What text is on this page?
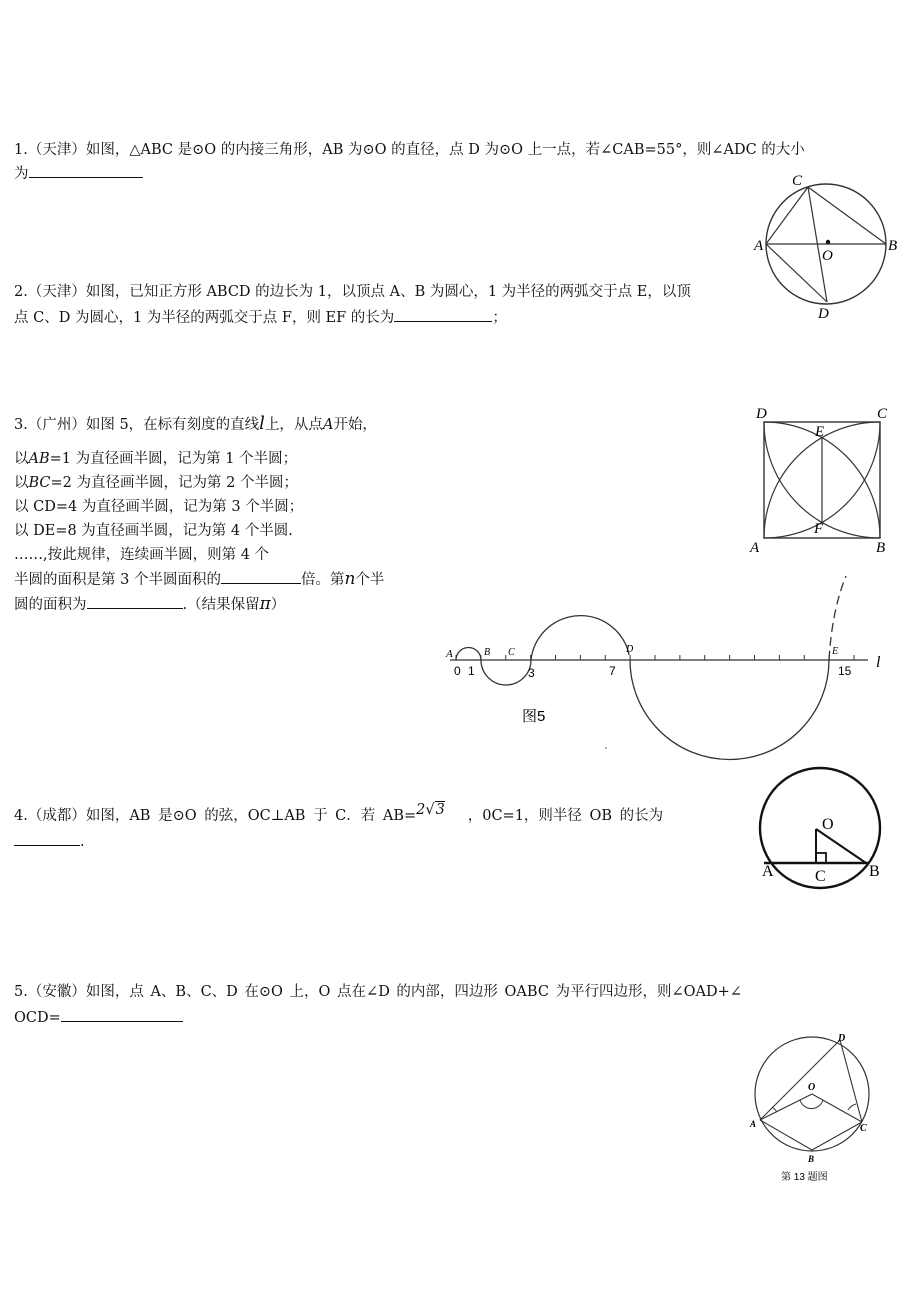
1.（天津）如图，△ABC 是⊙O 的内接三角形，AB 为⊙O 的直径，点 D 为⊙O 上一点，若∠CAB=55°，则∠ADC 的大小
为	C
A
O
B
D
2.（天津）如图，已知正方形 ABCD 的边长为 1，以顶点 A、B 为圆心，1 为半径的两弧交于点 E，以顶
点 C、D 为圆心，1 为半径的两弧交于点 F，则 EF 的长为	；
D
E
C
F
A	B
3.（广州）如图 5，在标有刻度的直线l上，从点A开始，
以AB=1 为直径画半圆，记为第 1 个半圆；
以BC=2 为直径画半圆，记为第 2 个半圆；
以 CD=4 为直径画半圆，记为第 3 个半圆；
以 DE=8 为直径画半圆，记为第 4 个半圆.
……,按此规律，连续画半圆，则第 4 个
半圆的面积是第 3 个半圆面积的	倍。第n个半
圆的面积为	.（结果保留π）
A	B C	D	E
0 1	3	7	15 l
图5
4.（成都）如图，AB 是⊙O 的弦，OC⊥AB 于 C．若 AB=2√3 ，0C=1，则半径 OB 的长为
.
O
A	C	B
5.（安徽）如图，点 A、B、C、D 在⊙O 上，O 点在∠D 的内部，四边形 OABC 为平行四边形，则∠OAD+∠
OCD=
D
O
A	C
B
第 13 题图
